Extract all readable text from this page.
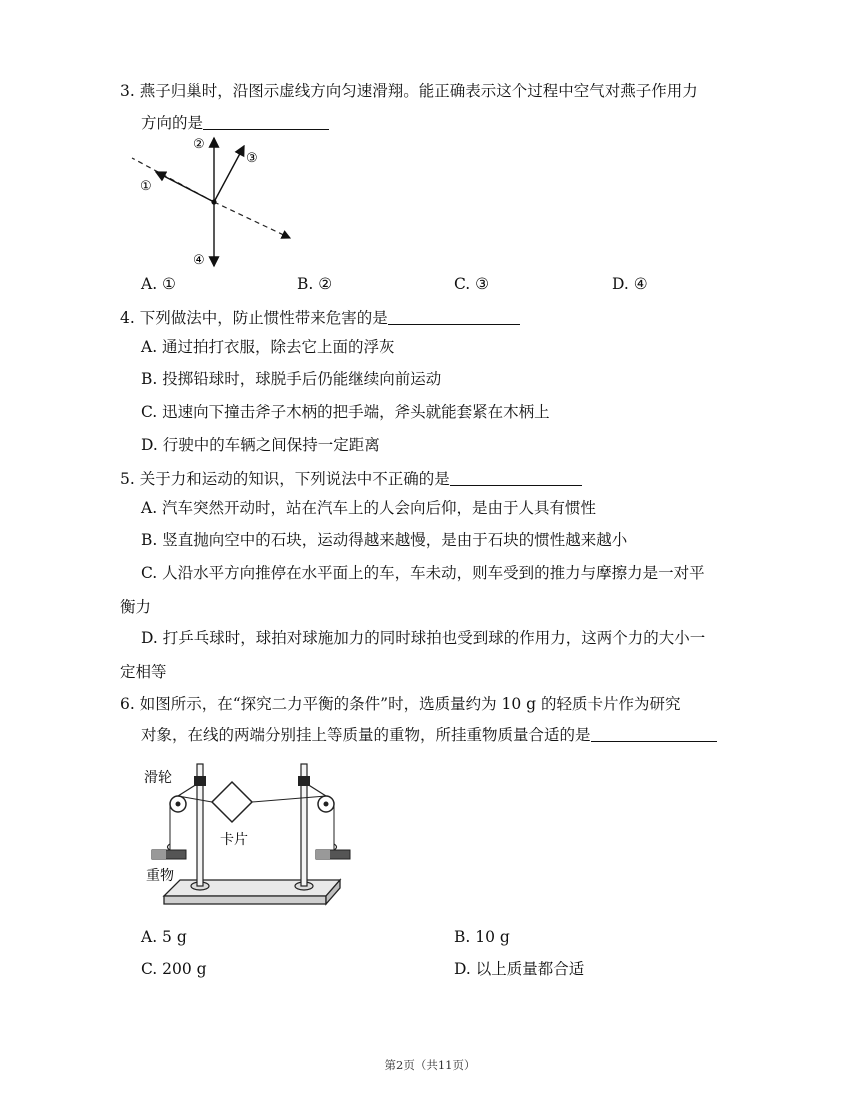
3. 燕子归巢时，沿图示虚线方向匀速滑翔。能正确表示这个过程中空气对燕子作用力
方向的是
①
②
③
④
A. ①	B. ②	C. ③	D. ④
4. 下列做法中，防止惯性带来危害的是
A. 通过拍打衣服，除去它上面的浮灰
B. 投掷铅球时，球脱手后仍能继续向前运动
C. 迅速向下撞击斧子木柄的把手端，斧头就能套紧在木柄上
D. 行驶中的车辆之间保持一定距离
5. 关于力和运动的知识，下列说法中不正确的是
A. 汽车突然开动时，站在汽车上的人会向后仰，是由于人具有惯性
B. 竖直抛向空中的石块，运动得越来越慢，是由于石块的惯性越来越小
C. 人沿水平方向推停在水平面上的车，车未动，则车受到的推力与摩擦力是一对平
衡力
D. 打乒乓球时，球拍对球施加力的同时球拍也受到球的作用力，这两个力的大小一
定相等
6. 如图所示，在“探究二力平衡的条件”时，选质量约为 10 g 的轻质卡片作为研究
对象，在线的两端分别挂上等质量的重物，所挂重物质量合适的是
滑轮
卡片
重物
A. 5 g	B. 10 g
C. 200 g	D. 以上质量都合适
第2页（共11页）
